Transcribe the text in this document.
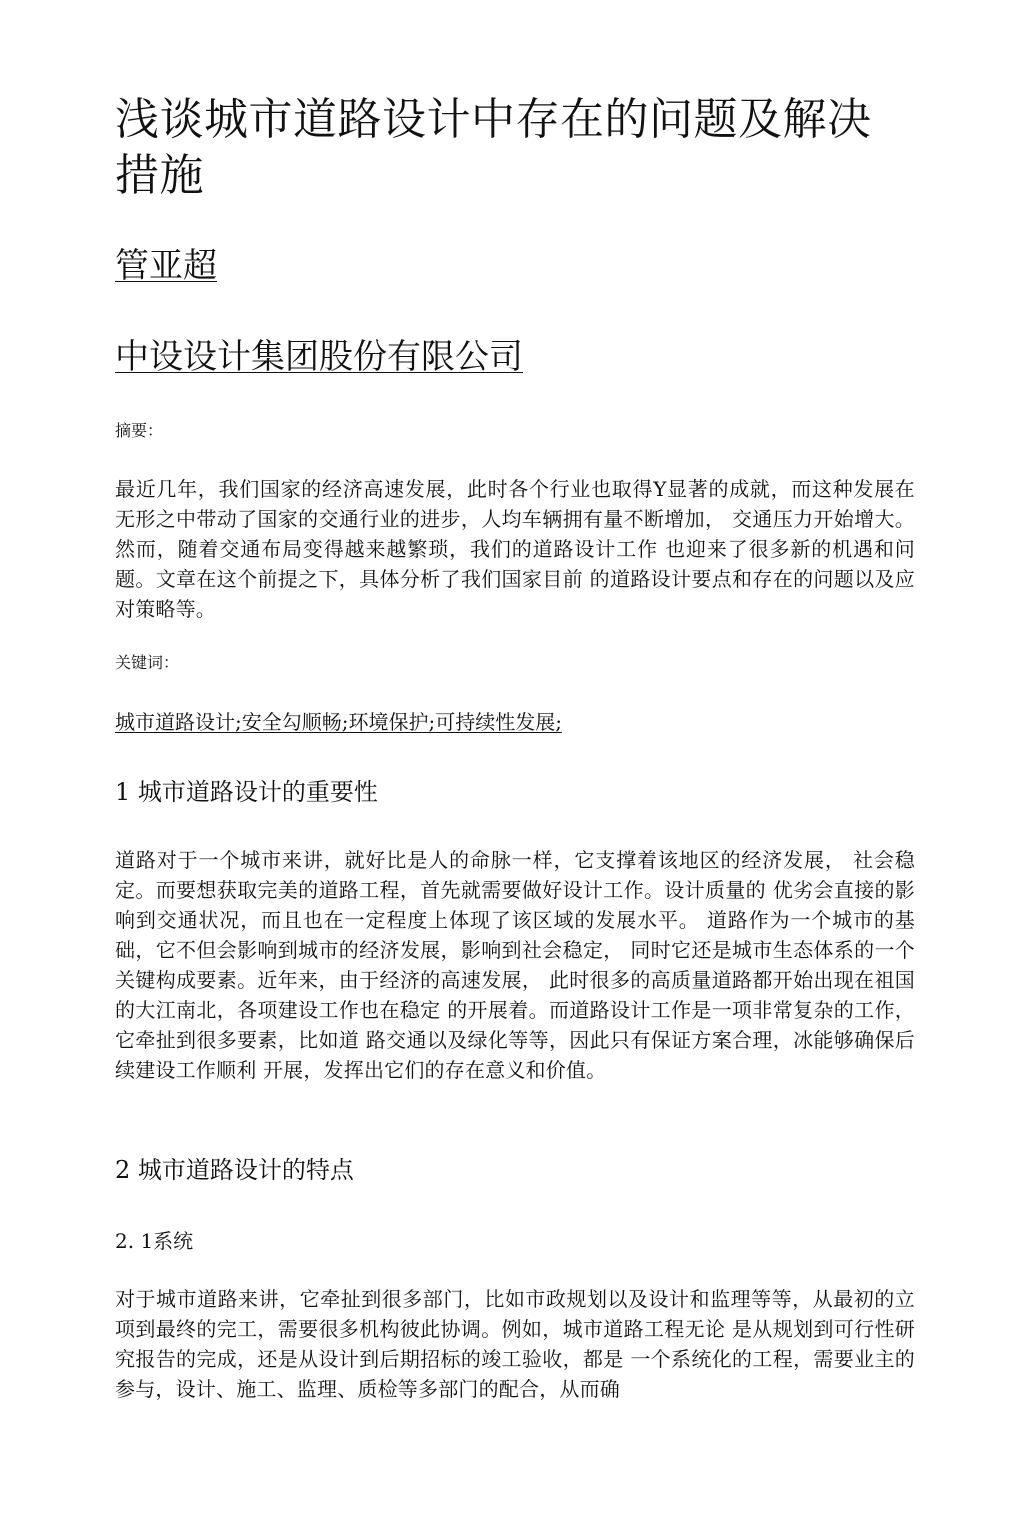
浅谈城市道路设计中存在的问题及解决措施
管亚超
中设设计集团股份有限公司
摘要：
最近几年，我们国家的经济高速发展，此时各个行业也取得Y显著的成就，而这种发展在无形之中带动了国家的交通行业的进步，人均车辆拥有量不断增加， 交通压力开始增大。然而，随着交通布局变得越来越繁琐，我们的道路设计工作 也迎来了很多新的机遇和问题。文章在这个前提之下，具体分析了我们国家目前 的道路设计要点和存在的问题以及应对策略等。
关键词：
城市道路设计;安全勾顺畅;环境保护;可持续性发展;
1 城市道路设计的重要性
道路对于一个城市来讲，就好比是人的命脉一样，它支撑着该地区的经济发展， 社会稳定。而要想获取完美的道路工程，首先就需要做好设计工作。设计质量的 优劣会直接的影响到交通状况，而且也在一定程度上体现了该区域的发展水平。 道路作为一个城市的基础，它不但会影响到城市的经济发展，影响到社会稳定， 同时它还是城市生态体系的一个关键构成要素。近年来，由于经济的高速发展， 此时很多的高质量道路都开始出现在祖国的大江南北，各项建设工作也在稳定 的开展着。而道路设计工作是一项非常复杂的工作，它牵扯到很多要素，比如道 路交通以及绿化等等，因此只有保证方案合理，冰能够确保后续建设工作顺利 开展，发挥出它们的存在意义和价值。
2 城市道路设计的特点
2. 1系统
对于城市道路来讲，它牵扯到很多部门，比如市政规划以及设计和监理等等，从最初的立项到最终的完工，需要很多机构彼此协调。例如，城市道路工程无论 是从规划到可行性研究报告的完成，还是从设计到后期招标的竣工验收，都是 一个系统化的工程，需要业主的参与，设计、施工、监理、质检等多部门的配合，从而确
